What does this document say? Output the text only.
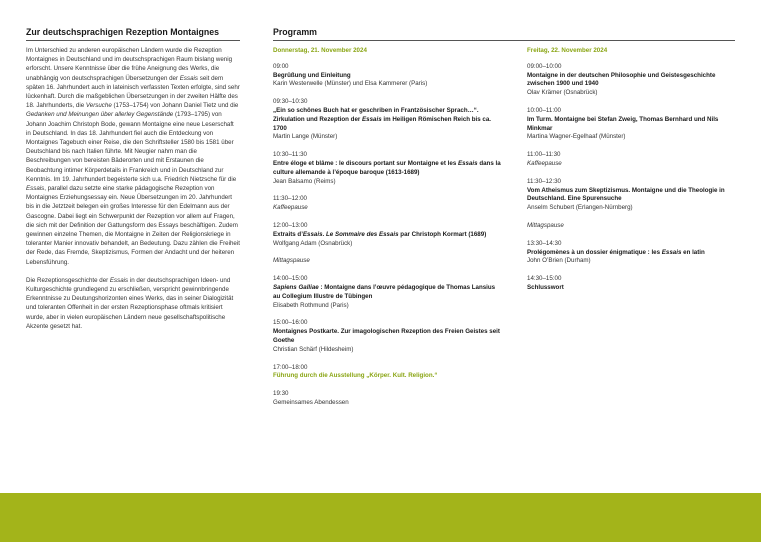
Zur deutschsprachigen Rezeption Montaignes

Im Unterschied zu anderen europäischen Ländern wurde die Rezeption Montaignes in Deutschland und im deutschsprachigen Raum bislang wenig erforscht. Unsere Kenntnisse über die frühe Aneignung des Werks, die unabhängig von deutschsprachigen Übersetzungen der Essais seit dem späten 16. Jahrhundert auch in lateinisch verfassten Texten erfolgte, sind sehr lückenhaft. Durch die maßgeblichen Übersetzungen in der zweiten Hälfte des 18. Jahrhunderts, die Versuche (1753–1754) von Johann Daniel Tietz und die Gedanken und Meinungen über allerley Gegenstände (1793–1795) von Johann Joachim Christoph Bode, gewann Montaigne eine neue Leserschaft in Deutschland. In das 18. Jahrhundert fiel auch die Entdeckung von Montaignes Tagebuch einer Reise, die den Schriftsteller 1580 bis 1581 über Deutschland bis nach Italien führte. Mit Neugier nahm man die Beschreibungen von bereisten Bäderorten und mit Erstaunen die Beobachtung intimer Körperdetails in Frankreich und in Deutschland zur Kenntnis. Im 19. Jahrhundert begeisterte sich u.a. Friedrich Nietzsche für die Essais, parallel dazu setzte eine starke pädagogische Rezeption von Montaignes Erziehungsessay ein. Neue Übersetzungen im 20. Jahrhundert bis in die Jetztzeit belegen ein großes Interesse für den Edelmann aus der Gascogne. Dabei liegt ein Schwerpunkt der Rezeption vor allem auf Fragen, die sich mit der Definition der Gattungsform des Essays beschäftigen. Zudem gewinnen einzelne Themen, die Montaigne in Zeiten der Religionskriege in toleranter Manier innovativ behandelt, an Bedeutung. Dazu zählen die Freiheit der Rede, das Fremde, Skeptizismus, Formen der Andacht und der heiteren Lebensführung.

Die Rezeptionsgeschichte der Essais in der deutschsprachigen Ideen- und Kulturgeschichte grundlegend zu erschließen, verspricht gewinnbringende Erkenntnisse zu Deutungshorizonten eines Werks, das in seiner Dialogizität und toleranten Offenheit in der ersten Rezeptionsphase oftmals kritisiert wurde, aber in vielen europäischen Ländern neue gesellschaftspolitische Akzente gesetzt hat.

Programm
Donnerstag, 21. November 2024
09:00
Begrüßung und Einleitung
Karin Westerwelle (Münster) und Elsa Kammerer (Paris)
09:30–10:30
„Ein so schönes Buch hat er geschriben in Frantzösischer Sprach…“. Zirkulation und Rezeption der Essais im Heiligen Römischen Reich bis ca. 1700
Martin Lange (Münster)
10:30–11:30
Entre éloge et blâme : le discours portant sur Montaigne et les Essais dans la culture allemande à l’époque baroque (1613-1689)
Jean Balsamo (Reims)
11:30–12:00
Kaffeepause
12:00–13:00
Extraits d’Essais. Le Sommaire des Essais par Christoph Kormart (1689)
Wolfgang Adam (Osnabrück)
Mittagspause
14:00–15:00
Sapiens Galliae : Montaigne dans l’œuvre pédagogique de Thomas Lansius au Collegium Illustre de Tübingen
Elisabeth Rothmund (Paris)
15:00–16:00
Montaignes Postkarte. Zur imagologischen Rezeption des Freien Geistes seit Goethe
Christian Schärf (Hildesheim)
17:00–18:00
Führung durch die Ausstellung „Körper. Kult. Religion.“
19:30
Gemeinsames Abendessen
Freitag, 22. November 2024
09:00–10:00
Montaigne in der deutschen Philosophie und Geistesgeschichte zwischen 1900 und 1940
Olav Krämer (Osnabrück)
10:00–11:00
Im Turm. Montaigne bei Stefan Zweig, Thomas Bernhard und Nils Minkmar
Martina Wagner-Egelhaaf (Münster)
11:00–11:30
Kaffeepause
11:30–12:30
Vom Atheismus zum Skeptizismus. Montaigne und die Theologie in Deutschland. Eine Spurensuche
Anselm Schubert (Erlangen-Nürnberg)
Mittagspause
13:30–14:30
Prolégomènes à un dossier énigmatique : les Essais en latin
John O’Brien (Durham)
14:30–15:00
Schlusswort
